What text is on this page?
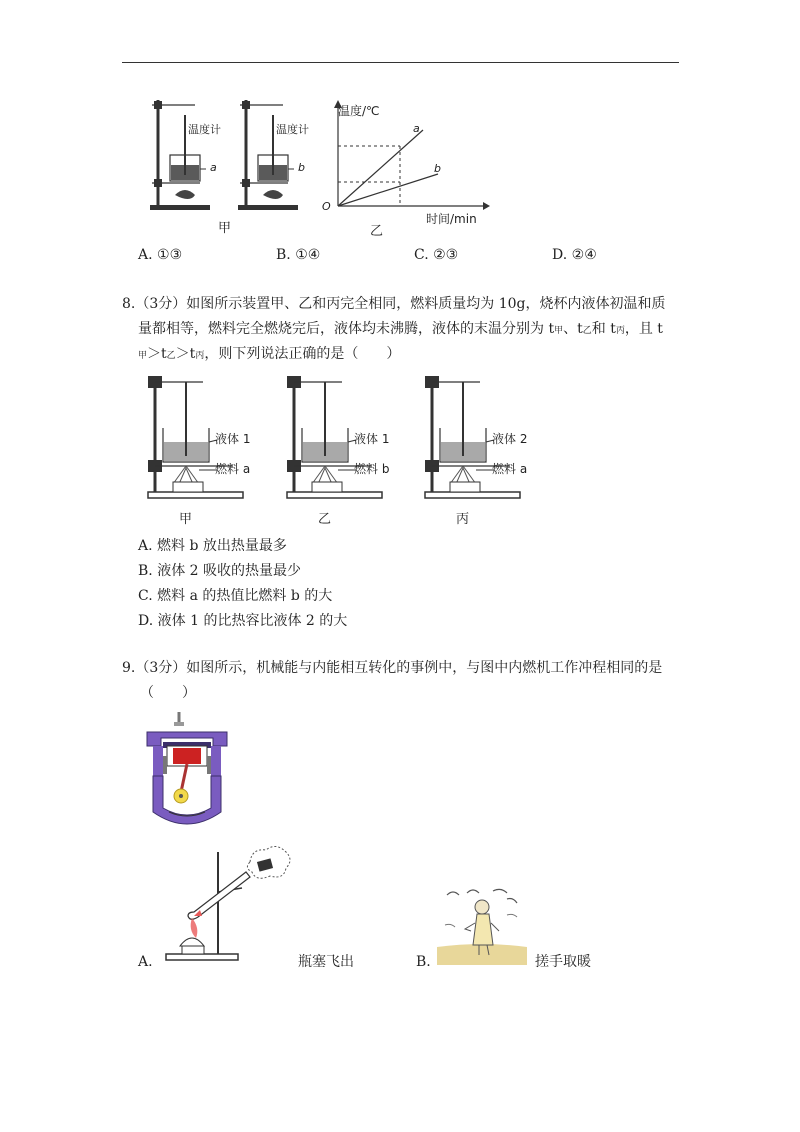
温度计
a
甲
温度计
b
温度/℃
O
时间/min
a
b
乙
A. ①③	B. ①④	C. ②③	D. ②④
8.（3分）如图所示装置甲、乙和丙完全相同，燃料质量均为 10g，烧杯内液体初温和质
量都相等，燃料完全燃烧完后，液体均未沸腾，液体的末温分别为 t甲、t乙和 t丙，且 t
甲＞t乙＞t丙，则下列说法正确的是（　　）
液体 1
燃料 a
甲
液体 1
燃料 b
乙
液体 2
燃料 a
丙
A. 燃料 b 放出热量最多
B. 液体 2 吸收的热量最少
C. 燃料 a 的热值比燃料 b 的大
D. 液体 1 的比热容比液体 2 的大
9.（3分）如图所示，机械能与内能相互转化的事例中，与图中内燃机工作冲程相同的是
（　　）
A.	瓶塞飞出	B.	搓手取暖
